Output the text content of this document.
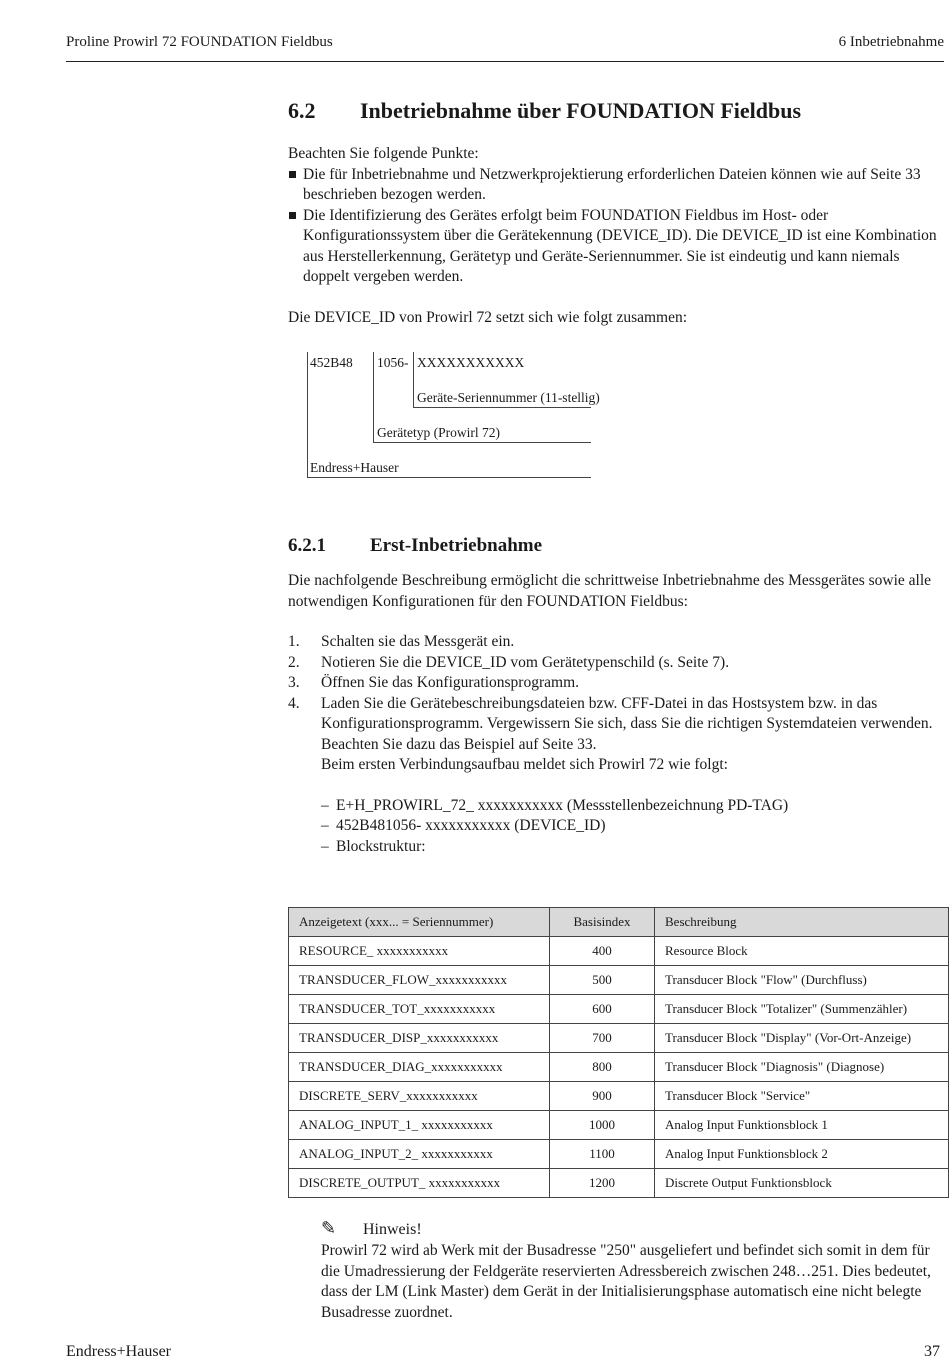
Proline Prowirl 72 FOUNDATION Fieldbus	6 Inbetriebnahme
6.2 Inbetriebnahme über FOUNDATION Fieldbus

Beachten Sie folgende Punkte:

Die für Inbetriebnahme und Netzwerkprojektierung erforderlichen Dateien können wie auf Seite 33 beschrieben bezogen werden.
Die Identifizierung des Gerätes erfolgt beim FOUNDATION Fieldbus im Host- oder Konfigurationssystem über die Gerätekennung (DEVICE_ID). Die DEVICE_ID ist eine Kombination aus Herstellerkennung, Gerätetyp und Geräte-Seriennummer. Sie ist eindeutig und kann niemals doppelt vergeben werden.

Die DEVICE_ID von Prowirl 72 setzt sich wie folgt zusammen:

452B48 1056- XXXXXXXXXXX
Geräte-Seriennummer (11-stellig)
Gerätetyp (Prowirl 72)
Endress+Hauser
6.2.1 Erst-Inbetriebnahme

Die nachfolgende Beschreibung ermöglicht die schrittweise Inbetriebnahme des Messgerätes sowie alle notwendigen Konfigurationen für den FOUNDATION Fieldbus:

1. Schalten sie das Messgerät ein.
2. Notieren Sie die DEVICE_ID vom Gerätetypenschild (s. Seite 7).
3. Öffnen Sie das Konfigurationsprogramm.
4. Laden Sie die Gerätebeschreibungsdateien bzw. CFF-Datei in das Hostsystem bzw. in das Konfigurationsprogramm. Vergewissern Sie sich, dass Sie die richtigen Systemdateien verwenden. Beachten Sie dazu das Beispiel auf Seite 33.
Beim ersten Verbindungsaufbau meldet sich Prowirl 72 wie folgt:
– E+H_PROWIRL_72_ xxxxxxxxxxx (Messstellenbezeichnung PD-TAG)
– 452B481056- xxxxxxxxxxx (DEVICE_ID)
– Blockstruktur:
Anzeigetext (xxx... = Seriennummer)	Basisindex	Beschreibung
RESOURCE_ xxxxxxxxxxx	400	Resource Block
TRANSDUCER_FLOW_xxxxxxxxxxx	500	Transducer Block "Flow" (Durchfluss)
TRANSDUCER_TOT_xxxxxxxxxxx	600	Transducer Block "Totalizer" (Summenzähler)
TRANSDUCER_DISP_xxxxxxxxxxx	700	Transducer Block "Display" (Vor-Ort-Anzeige)
TRANSDUCER_DIAG_xxxxxxxxxxx	800	Transducer Block "Diagnosis" (Diagnose)
DISCRETE_SERV_xxxxxxxxxxx	900	Transducer Block "Service"
ANALOG_INPUT_1_ xxxxxxxxxxx	1000	Analog Input Funktionsblock 1
ANALOG_INPUT_2_ xxxxxxxxxxx	1100	Analog Input Funktionsblock 2
DISCRETE_OUTPUT_ xxxxxxxxxxx	1200	Discrete Output Funktionsblock
✎ Hinweis!

Prowirl 72 wird ab Werk mit der Busadresse "250" ausgeliefert und befindet sich somit in dem für die Umadressierung der Feldgeräte reservierten Adressbereich zwischen 248…251. Dies bedeutet, dass der LM (Link Master) dem Gerät in der Initialisierungsphase automatisch eine nicht belegte Busadresse zuordnet.

Endress+Hauser	37
